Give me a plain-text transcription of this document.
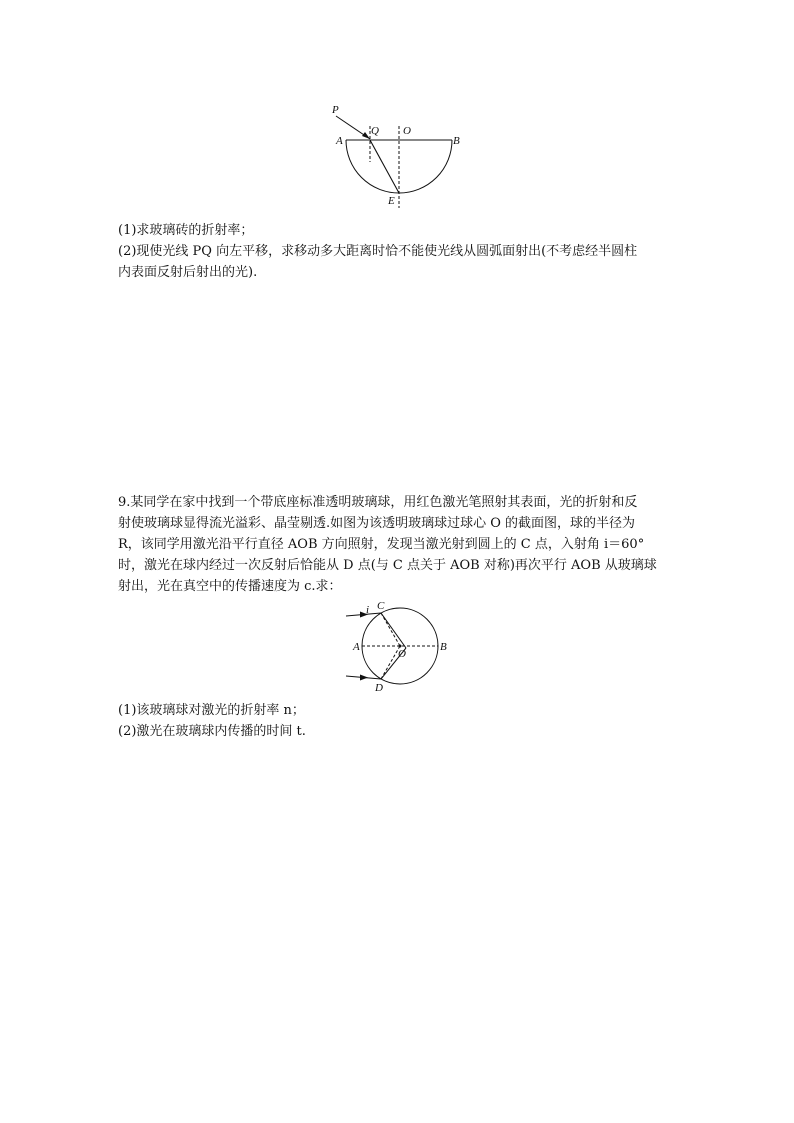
P
Q O
A	B
E

(1)求玻璃砖的折射率；
(2)现使光线 PQ 向左平移，求移动多大距离时恰不能使光线从圆弧面射出(不考虑经半圆柱
内表面反射后射出的光).

9.某同学在家中找到一个带底座标准透明玻璃球，用红色激光笔照射其表面，光的折射和反
射使玻璃球显得流光溢彩、晶莹剔透.如图为该透明玻璃球过球心 O 的截面图，球的半径为
R，该同学用激光沿平行直径 AOB 方向照射，发现当激光射到圆上的 C 点，入射角 i＝60°
时，激光在球内经过一次反射后恰能从 D 点(与 C 点关于 AOB 对称)再次平行 AOB 从玻璃球
射出，光在真空中的传播速度为 c.求：

i C
A
O
B
D

(1)该玻璃球对激光的折射率 n；
(2)激光在玻璃球内传播的时间 t.
